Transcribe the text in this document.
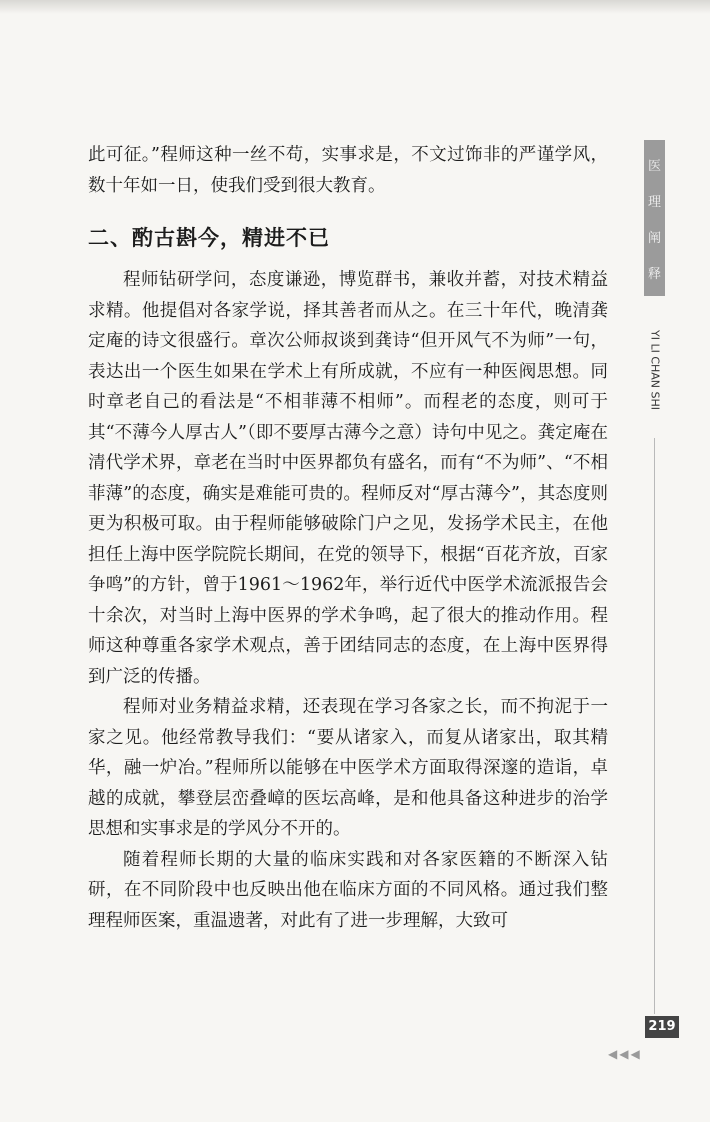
此可征。”程师这种一丝不苟，实事求是，不文过饰非的严谨学风，数十年如一日，使我们受到很大教育。

二、酌古斟今，精进不已

程师钻研学问，态度谦逊，博览群书，兼收并蓄，对技术精益求精。他提倡对各家学说，择其善者而从之。在三十年代，晚清龚定庵的诗文很盛行。章次公师叔谈到龚诗“但开风气不为师”一句，表达出一个医生如果在学术上有所成就，不应有一种医阀思想。同时章老自己的看法是“不相菲薄不相师”。而程老的态度，则可于其“不薄今人厚古人”（即不要厚古薄今之意）诗句中见之。龚定庵在清代学术界，章老在当时中医界都负有盛名，而有“不为师”、“不相菲薄”的态度，确实是难能可贵的。程师反对“厚古薄今”，其态度则更为积极可取。由于程师能够破除门户之见，发扬学术民主，在他担任上海中医学院院长期间，在党的领导下，根据“百花齐放，百家争鸣”的方针，曾于1961～1962年，举行近代中医学术流派报告会十余次，对当时上海中医界的学术争鸣，起了很大的推动作用。程师这种尊重各家学术观点，善于团结同志的态度，在上海中医界得到广泛的传播。

程师对业务精益求精，还表现在学习各家之长，而不拘泥于一家之见。他经常教导我们：“要从诸家入，而复从诸家出，取其精华，融一炉冶。”程师所以能够在中医学术方面取得深邃的造诣，卓越的成就，攀登层峦叠嶂的医坛高峰，是和他具备这种进步的治学思想和实事求是的学风分不开的。

随着程师长期的大量的临床实践和对各家医籍的不断深入钻研，在不同阶段中也反映出他在临床方面的不同风格。通过我们整理程师医案，重温遗著，对此有了进一步理解，大致可

医
理
阐
释
YI LI CHAN SHI
219
◀◀◀
